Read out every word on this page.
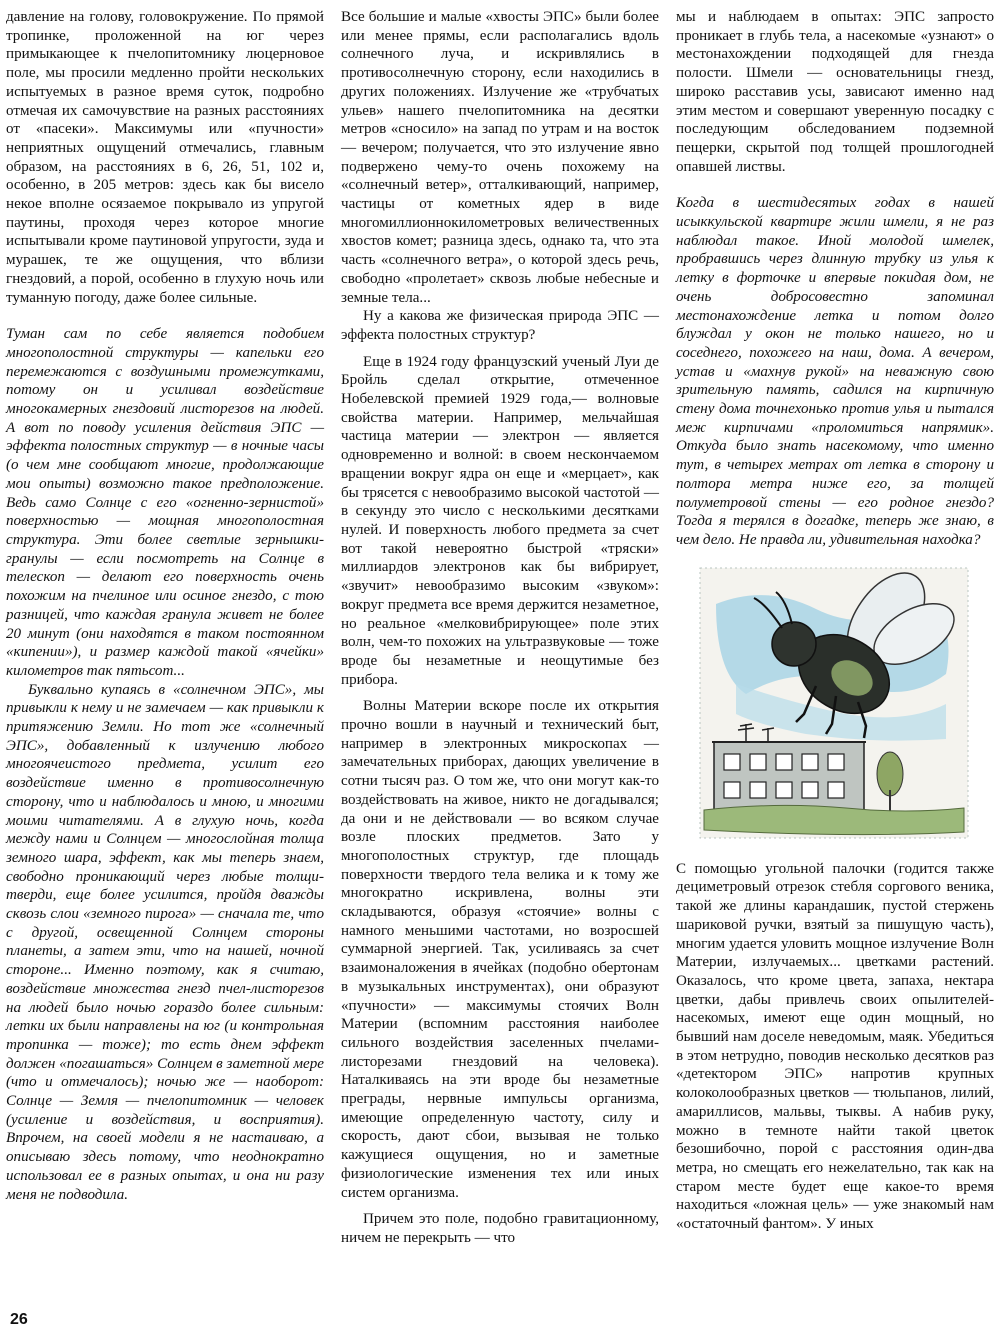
давление на голову, головокружение. По прямой тропинке, проложенной на юг через примыкающее к пчелопитомнику люцерновое поле, мы просили медленно пройти нескольких испытуемых в разное время суток, подробно отмечая их самочувствие на разных расстояниях от «пасеки». Максимумы или «пучности» неприятных ощущений отмечались, главным образом, на расстояниях в 6, 26, 51, 102 и, особенно, в 205 метров: здесь как бы висело некое вполне осязаемое покрывало из упругой паутины, проходя через которое многие испытывали кроме паутиновой упругости, зуда и мурашек, те же ощущения, что вблизи гнездовий, а порой, особенно в глухую ночь или туманную погоду, даже более сильные.

Туман сам по себе является подобием многополостной структуры — капельки его перемежаются с воздушными промежутками, потому он и усиливал воздействие многокамерных гнездовий листорезов на людей. А вот по поводу усиления действия ЭПС — эффекта полостных структур — в ночные часы (о чем мне сообщают многие, продолжающие мои опыты) возможно такое предположение. Ведь само Солнце с его «огненно-зернистой» поверхностью — мощная многополостная структура. Эти более светлые зернышки-гранулы — если посмотреть на Солнце в телескоп — делают его поверхность очень похожим на пчелиное или осиное гнездо, с тою разницей, что каждая гранула живет не более 20 минут (они находятся в таком постоянном «кипении»), и размер каждой такой «ячейки» километров так пятьсот...

Буквально купаясь в «солнечном ЭПС», мы привыкли к нему и не замечаем — как привыкли к притяжению Земли. Но тот же «солнечный ЭПС», добавленный к излучению любого многоячеистого предмета, усилит его воздействие именно в противосолнечную сторону, что и наблюдалось и мною, и многими моими читателями. А в глухую ночь, когда между нами и Солнцем — многослойная толща земного шара, эффект, как мы теперь знаем, свободно проникающий через любые толщи-тверди, еще более усилится, пройдя дважды сквозь слои «земного пирога» — сначала те, что с другой, освещенной Солнцем стороны планеты, а затем эти, что на нашей, ночной стороне... Именно поэтому, как я считаю, воздействие множества гнезд пчел-листорезов на людей было ночью гораздо более сильным: летки их были направлены на юг (и контрольная тропинка — тоже); то есть днем эффект должен «погашаться» Солнцем в заметной мере (что и отмечалось); ночью же — наоборот: Солнце — Земля — пчелопитомник — человек (усиление и воздействия, и восприятия). Впрочем, на своей модели я не настаиваю, а описываю здесь потому, что неоднократно использовал ее в разных опытах, и она ни разу меня не подводила.

Все большие и малые «хвосты ЭПС» были более или менее прямы, если располагались вдоль солнечного луча, и искривлялись в противосолнечную сторону, если находились в других положениях. Излучение же «трубчатых ульев» нашего пчелопитомника на десятки метров «сносило» на запад по утрам и на восток — вечером; получается, что это излучение явно подвержено чему-то очень похожему на «солнечный ветер», отталкивающий, например, частицы от кометных ядер в виде многомиллионнокилометровых величественных хвостов комет; разница здесь, однако та, что эта часть «солнечного ветра», о которой здесь речь, свободно «пролетает» сквозь любые небесные и земные тела...

Ну а какова же физическая природа ЭПС — эффекта полостных структур?

Еще в 1924 году французский ученый Луи де Бройль сделал открытие, отмеченное Нобелевской премией 1929 года,— волновые свойства материи. Например, мельчайшая частица материи — электрон — является одновременно и волной: в своем нескончаемом вращении вокруг ядра он еще и «мерцает», как бы трясется с невообразимо высокой частотой — в секунду это число с несколькими десятками нулей. И поверхность любого предмета за счет вот такой невероятно быстрой «тряски» миллиардов электронов как бы вибрирует, «звучит» невообразимо высоким «звуком»: вокруг предмета все время держится незаметное, но реальное «мелковибрирующее» поле этих волн, чем-то похожих на ультразвуковые — тоже вроде бы незаметные и неощутимые без прибора.

Волны Материи вскоре после их открытия прочно вошли в научный и технический быт, например в электронных микроскопах — замечательных приборах, дающих увеличение в сотни тысяч раз. О том же, что они могут как-то воздействовать на живое, никто не догадывался; да они и не действовали — во всяком случае возле плоских предметов. Зато у многополостных структур, где площадь поверхности твердого тела велика и к тому же многократно искривлена, волны эти складываются, образуя «стоячие» волны с намного меньшими частотами, но возросшей суммарной энергией. Так, усиливаясь за счет взаимоналожения в ячейках (подобно обертонам в музыкальных инструментах), они образуют «пучности» — максимумы стоячих Волн Материи (вспомним расстояния наиболее сильного воздействия заселенных пчелами-листорезами гнездовий на человека). Наталкиваясь на эти вроде бы незаметные преграды, нервные импульсы организма, имеющие определенную частоту, силу и скорость, дают сбои, вызывая не только кажущиеся ощущения, но и заметные физиологические изменения тех или иных систем организма.

Причем это поле, подобно гравитационному, ничем не перекрыть — что

мы и наблюдаем в опытах: ЭПС запросто проникает в глубь тела, а насекомые «узнают» о местонахождении подходящей для гнезда полости. Шмели — основательницы гнезд, широко расставив усы, зависают именно над этим местом и совершают уверенную посадку с последующим обследованием подземной пещерки, скрытой под толщей прошлогодней опавшей листвы.

Когда в шестидесятых годах в нашей исыккульской квартире жили шмели, я не раз наблюдал такое. Иной молодой шмелек, пробравшись через длинную трубку из улья к летку в форточке и впервые покидая дом, не очень добросовестно запоминал местонахождение летка и потом долго блуждал у окон не только нашего, но и соседнего, похожего на наш, дома. А вечером, устав и «махнув рукой» на неважную свою зрительную память, садился на кирпичную стену дома точнехонько против улья и пытался меж кирпичами «проломиться напрямик». Откуда было знать насекомому, что именно тут, в четырех метрах от летка в сторону и полтора метра ниже его, за толщей полуметровой стены — его родное гнездо? Тогда я терялся в догадке, теперь же знаю, в чем дело. Не правда ли, удивительная находка?

С помощью угольной палочки (годится также дециметровый отрезок стебля соргового веника, такой же длины карандашик, пустой стержень шариковой ручки, взятый за пишущую часть), многим удается уловить мощное излучение Волн Материи, излучаемых... цветками растений. Оказалось, что кроме цвета, запаха, нектара цветки, дабы привлечь своих опылителей-насекомых, имеют еще один мощный, но бывший нам доселе неведомым, маяк. Убедиться в этом нетрудно, поводив несколько десятков раз «детектором ЭПС» напротив крупных колоколообразных цветков — тюльпанов, лилий, амариллисов, мальвы, тыквы. А набив руку, можно в темноте найти такой цветок безошибочно, порой с расстояния один-два метра, но смещать его нежелательно, так как на старом месте будет еще какое-то время находиться «ложная цель» — уже знакомый нам «остаточный фантом». У иных

26
